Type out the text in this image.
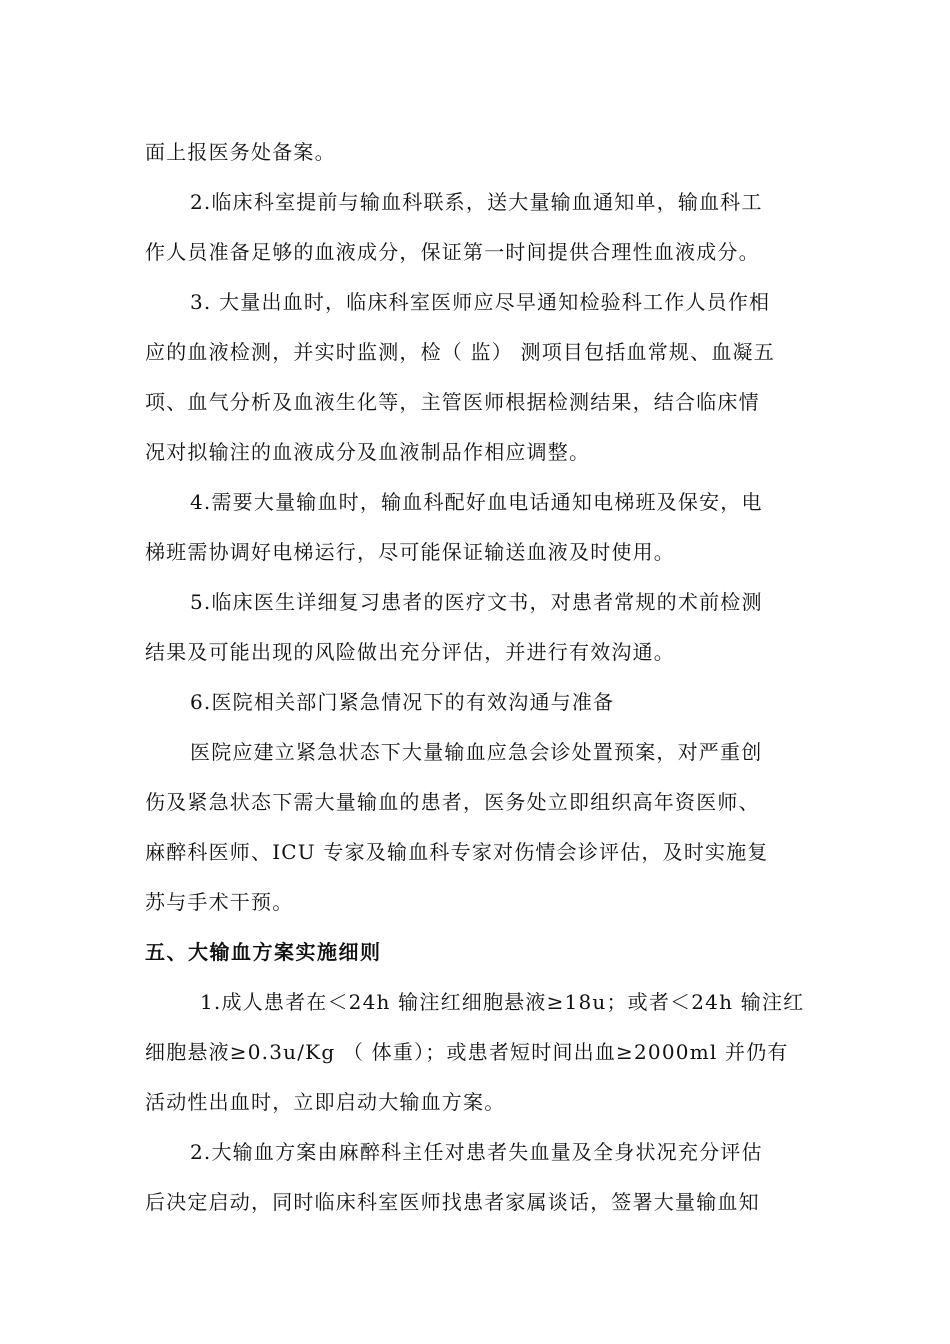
面上报医务处备案。
2.临床科室提前与输血科联系，送大量输血通知单，输血科工
作人员准备足够的血液成分，保证第一时间提供合理性血液成分。
3. 大量出血时，临床科室医师应尽早通知检验科工作人员作相
应的血液检测，并实时监测，检（ 监） 测项目包括血常规、血凝五
项、血气分析及血液生化等，主管医师根据检测结果，结合临床情
况对拟输注的血液成分及血液制品作相应调整。
4.需要大量输血时，输血科配好血电话通知电梯班及保安，电
梯班需协调好电梯运行，尽可能保证输送血液及时使用。
5.临床医生详细复习患者的医疗文书，对患者常规的术前检测
结果及可能出现的风险做出充分评估，并进行有效沟通。
6.医院相关部门紧急情况下的有效沟通与准备
医院应建立紧急状态下大量输血应急会诊处置预案，对严重创
伤及紧急状态下需大量输血的患者，医务处立即组织高年资医师、
麻醉科医师、ICU 专家及输血科专家对伤情会诊评估，及时实施复
苏与手术干预。
五、大输血方案实施细则
1.成人患者在＜24h 输注红细胞悬液≥18u；或者＜24h 输注红
细胞悬液≥0.3u/Kg （ 体重）；或患者短时间出血≥2000ml 并仍有
活动性出血时，立即启动大输血方案。
2.大输血方案由麻醉科主任对患者失血量及全身状况充分评估
后决定启动，同时临床科室医师找患者家属谈话，签署大量输血知
